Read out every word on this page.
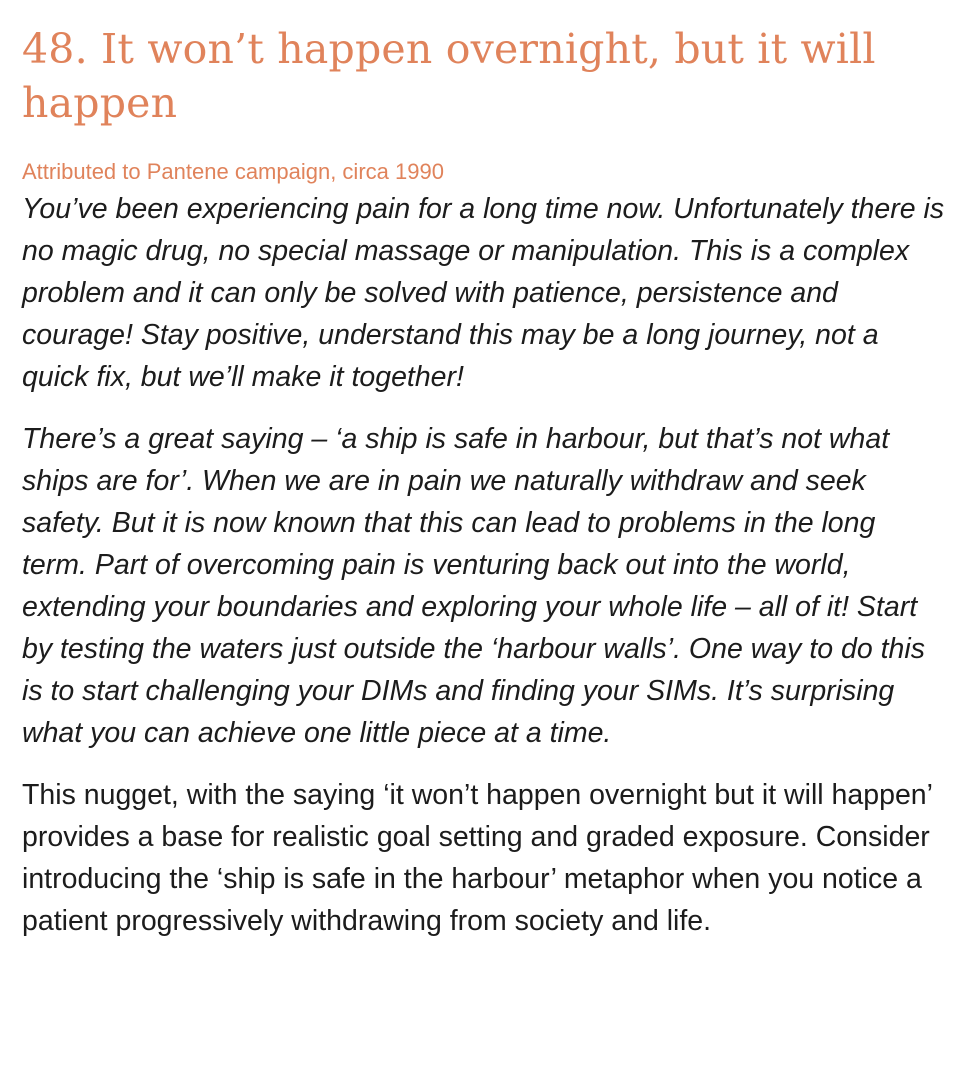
48. It won’t happen overnight, but it will happen

Attributed to Pantene campaign, circa 1990

You’ve been experiencing pain for a long time now. Unfortunately there is no magic drug, no special massage or manipulation. This is a complex problem and it can only be solved with patience, persistence and courage! Stay positive, understand this may be a long journey, not a quick fix, but we’ll make it together!

There’s a great saying – ‘a ship is safe in harbour, but that’s not what ships are for’. When we are in pain we naturally withdraw and seek safety. But it is now known that this can lead to problems in the long term. Part of overcoming pain is venturing back out into the world, extending your boundaries and exploring your whole life – all of it! Start by testing the waters just outside the ‘harbour walls’. One way to do this is to start challenging your DIMs and finding your SIMs. It’s surprising what you can achieve one little piece at a time.

This nugget, with the saying ‘it won’t happen overnight but it will happen’ provides a base for realistic goal setting and graded exposure. Consider introducing the ‘ship is safe in the harbour’ metaphor when you notice a patient progressively withdrawing from society and life.
